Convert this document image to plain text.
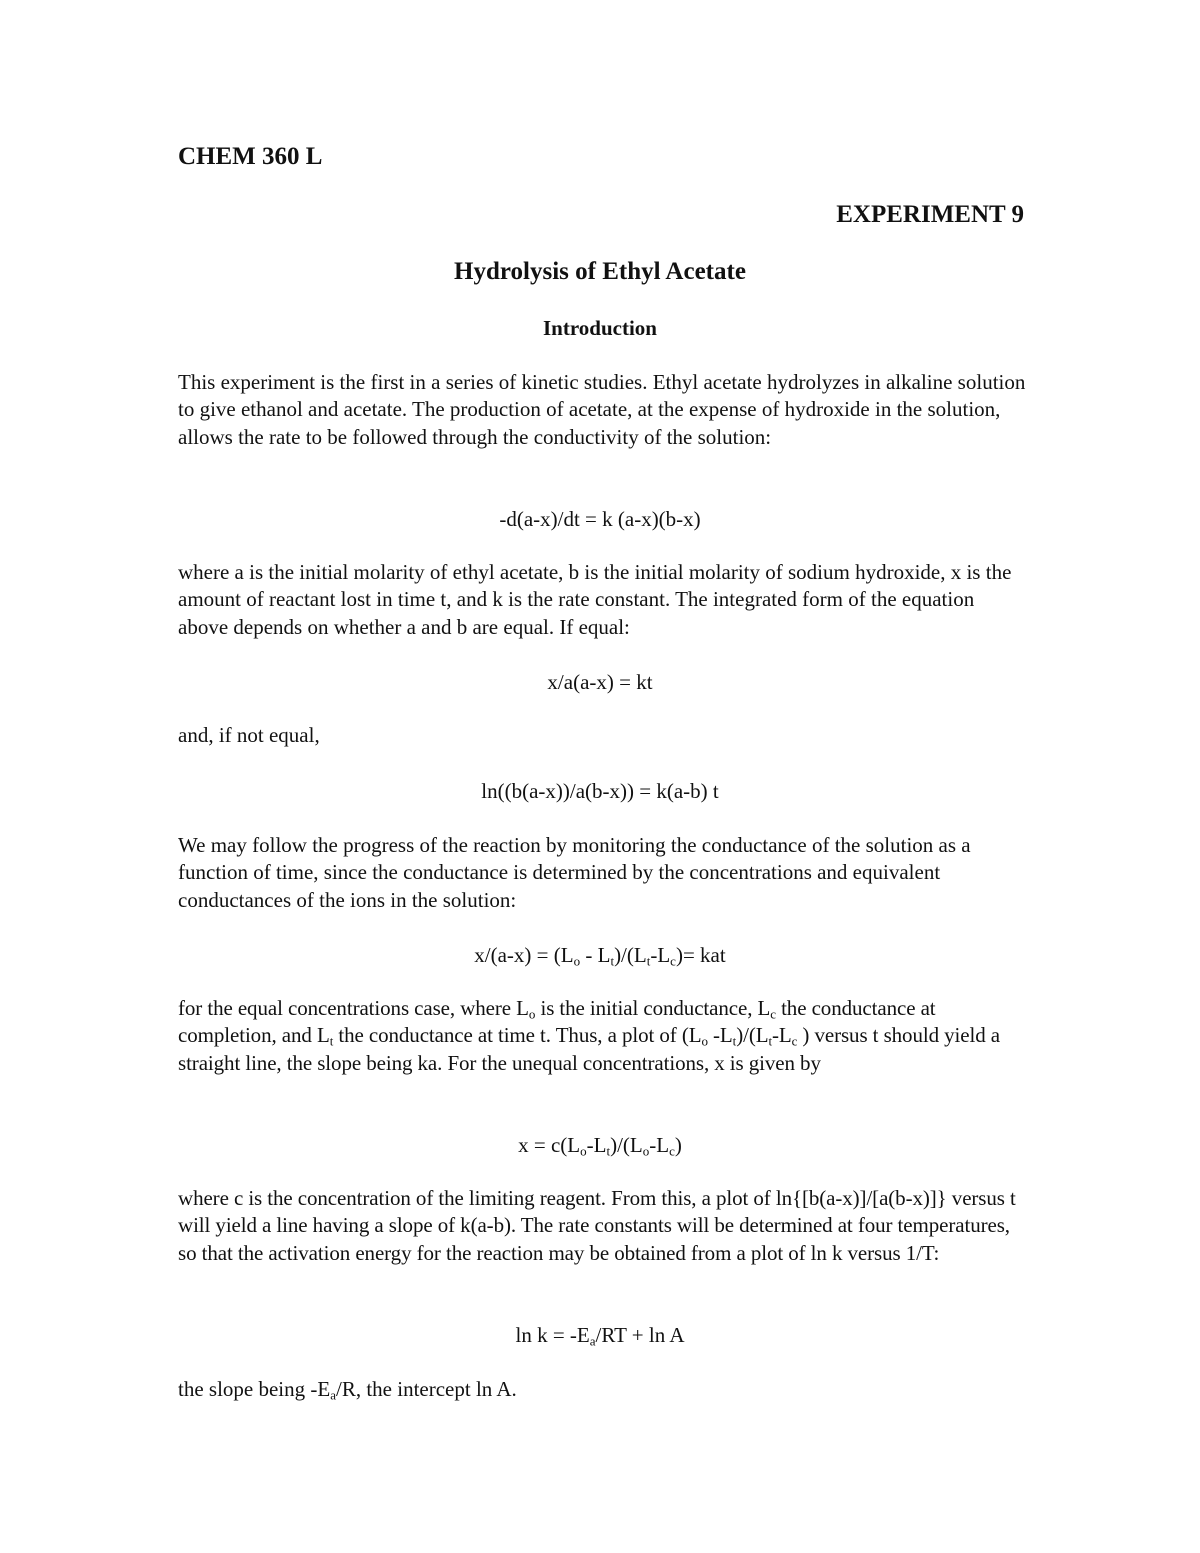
CHEM 360 L
EXPERIMENT 9
Hydrolysis of Ethyl Acetate
Introduction

This experiment is the first in a series of kinetic studies. Ethyl acetate hydrolyzes in alkaline solution to give ethanol and acetate. The production of acetate, at the expense of hydroxide in the solution, allows the rate to be followed through the conductivity of the solution:

-d(a-x)/dt = k (a-x)(b-x)

where a is the initial molarity of ethyl acetate, b is the initial molarity of sodium hydroxide, x is the amount of reactant lost in time t, and k is the rate constant. The integrated form of the equation above depends on whether a and b are equal. If equal:

x/a(a-x) = kt

and, if not equal,

ln((b(a-x))/a(b-x)) = k(a-b) t

We may follow the progress of the reaction by monitoring the conductance of the solution as a function of time, since the conductance is determined by the concentrations and equivalent conductances of the ions in the solution:

$x/(a-x) = (L_o - L_t)/(L_t-L_c)=$ kat

for the equal concentrations case, where $L_o$ is the initial conductance, $L_c$ the conductance at completion, and $L_t$ the conductance at time t. Thus, a plot of ($L_o$ $-L_t)/(L_t-L_c$ ) versus t should yield a straight line, the slope being ka. For the unequal concentrations, x is given by

$x = c(L_o-L_t)/(L_o-L_c)$

where c is the concentration of the limiting reagent. From this, a plot of ln{[b(a-x)]/[a(b-x)]} versus t will yield a line having a slope of k(a-b). The rate constants will be determined at four temperatures, so that the activation energy for the reaction may be obtained from a plot of ln k versus 1/T:

$\ln k = -E_a/RT + \ln A$

the slope being $-E_a/R$, the intercept ln A.
